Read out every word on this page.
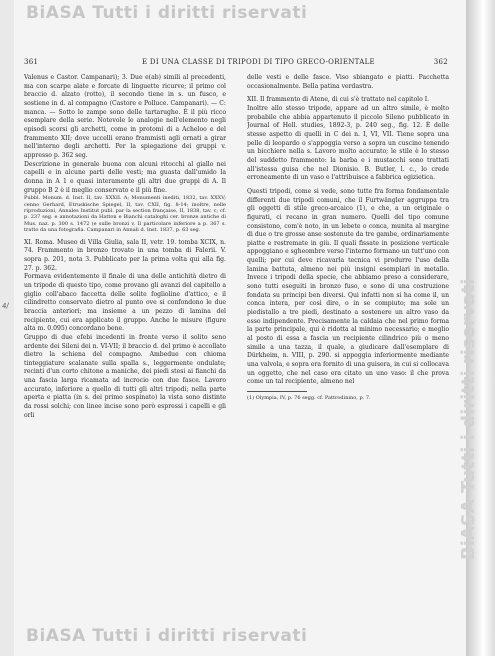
BiASA Tutti i diritti riservati
BiASA Tutti i diritti riservati
BiASA Tutti i diritti riservati
361	E DI UNA CLASSE DI TRIPODI DI TIPO GRECO-ORIENTALE	362
4/

Valenus e Castor. Campanari); 3. Due e(ab) simili al precedenti, ma con scarpe alate e forcate di linguette ricurve; il primo col braccio d. alzato (rotto), il secondo tiene in s. un fusco, e sostiene in d. al compagno (Castore e Polluce. Campanari). — C: manca. — Sotto le zampe sono delle tartarughe. È il più ricco esemplare della serie. Notevole le analogie nell'elemento negli episodi scorsi gli archetti, come in protomi di a Acheloo e del frammento XII; dove uccelli erano frammisti agli ornati a girar nell'interno degli archetti. Per la spiegazione dei gruppi v. appresso p. 362 seg.

Descrizione in generale buona con alcuni ritocchi al giallo nei capelli e in alcune parti delle vesti; ma guasta dall'umido la donna in A 1 e quasi interamente gli altri due gruppi di A. Il gruppo B 2 è il meglio conservato e il più fine.

Pubbl. Monum. d. Inst. II, tav. XXXII. A; Monumenti inediti, 1832, tav. XXXV; cenno Gerhard, Etruskische Spiegel, II, tav. CXII, fig. 8-14; inoltre, nelle riproduzioni, Annales Institut publ. par la section française, II, 1838, tav. c; cf. p. 237 seg. e annotazioni da Hatton e Bianchi cataloghi cer. bronze antiche di Mus. naz. p. 300 s. 1472 (e sulle bronzi v. Il particolare inferiore a p. 367 s. tratto da una fotografia. Campanari in Annali d. Inst. 1837, p. 63 seg.

XI. Roma. Museo di Villa Giulia, sala II, vetr. 19. tomba XCIX, n. 74. Frammento in bronzo trovato in una tomba di Falerii. V. sopra p. 201, nota 3. Pubblicato per la prima volta qui alla fig. 27. p. 362.

Formava evidentemente il finale di una delle antichità dietro di un tripode di questo tipo, come provano gli avanzi del capitello a giglio coll'abaco faccetta delle solite foglioline d'attico, e il cilindretto conservato dietro al punto ove si confondono le due braccia anteriori; ma insieme a un pezzo di lamina del recipiente, cui era applicato il gruppo. Anche le misure (figure alta m. 0.095) concordano bene.

Gruppo di due efebi incedenti in fronte verso il solito seno ardente dei Sileni dei n. VI-VII; il braccio d. del primo è accollato dietro la schiena del compagno. Ambedue con chioma tinteggiature scalanate sulla spalla s., leggermente ondulate; recinti d'un corto chitone a maniche, dei piedi stesi ai fianchi da una fascia larga ricamata ad incrocio con due fasce. Lavoro accurato, inferiore a quello di tutti gli altri tripodi; nella parte aperta e piatta (in s. dei primo sospinato) la vista sono distinte da rossi solchi; con linee incise sono però espressi i capelli e gli orli

delle vesti e delle fasce. Viso sbiangato e piatti. Pacchetta occasionalmente. Bella patina verdastra.

XII. Il frammento di Atene, di cui s'è trattato nel capitolo I.

Inoltre allo stesso tripode, appare ad un altro simile, è molto probabile che abbia appartenuto il piccolo Sileno pubblicato in Journal of Hell. studies, 1892-3, p. 240 seg., fig. 12. È delle stesse aspetto di quelli in C dei n. I, VI, VII. Tiene sopra una pelle di leopardo o s'appoggia verso a sopra un cuscino tenendo un bicchiere nella s. Lavoro molto accurato; le stile è lo stesso del suddetto frammento: la barba e i mustacchi sono trattati all'istessa guisa che nel Dionisio. B. Butler, l. c., lo crede erroneamente di un vaso e l'attribuisce a fabbrica egizietica.

Questi tripodi, come si vede, sono tutte fra forma fondamentale differenti due tripodi comuni, che il Furtwängler aggruppa tra gli oggetti di stile greco-arcaico (1), e che, a un originale o figurati, ci recano in gran numero. Quelli del tipo comune consistono, com'è noto, in un lebete o conca, munita al margine di due o tre grosse anse sostenute da tre gambe, ordinariamente piatte e restremate in giù. Il quali fissate in posizione verticale appoggiano e sgheombre verso l'interno formano un tutt'uno con quelli; per cui deve ricavarla tecnica vi produrre l'uso della lamina battuta, almeno nei più insigni esemplari in metallo. Invece i tripodi della specie, che abbiamo preso a considerare, sono tutti eseguiti in bronzo fuso, e sono di una costruzione fondata su principi ben diversi. Qui infatti non si ha come il, un conca intera, per così dire, o in se compiuto; ma sole un piedistallo a tre piedi, destinato a sostenere un altro vaso da esso indipendente. Precisamente la caldaia che nel primo forma la parte principale, qui è ridotta al minimo necessario; e meglio al posto di essa a fascia un recipiente cilindrico più o meno simile a una tazza, il quale, a giudicare dall'esemplare di Dürkheim, n. VIII, p. 290. si appoggia inferiormente mediante una valvola, e sopra era fornito di una guisera, in cui si collocava un oggetto, che nel caso era citato un uno vaso: il che prova come un tal recipiente, almeno nel

(1) Olympia, IV, p. 76 segg. cf. Pattrodinino, p. 7.
